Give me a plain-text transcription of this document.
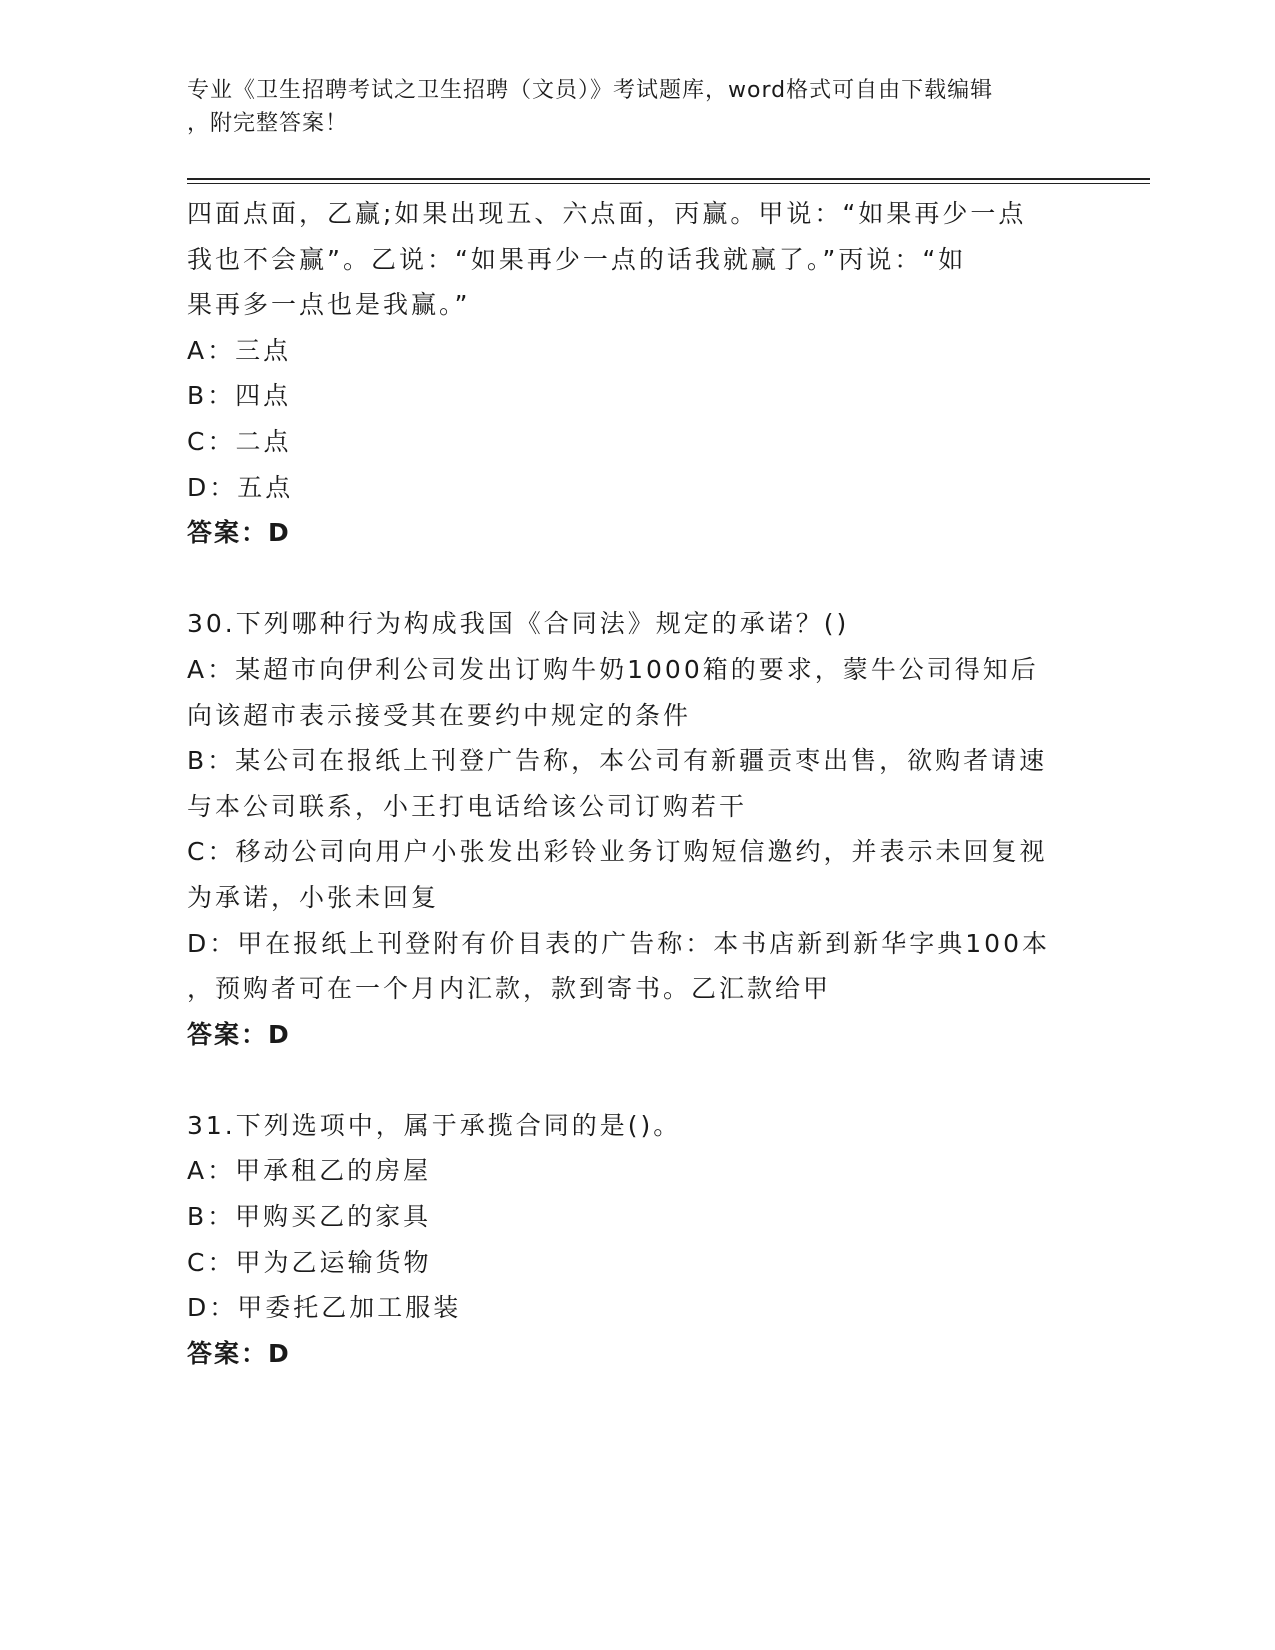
专业《卫生招聘考试之卫生招聘（文员）》考试题库，word格式可自由下载编辑
，附完整答案！
四面点面，乙赢;如果出现五、六点面，丙赢。甲说：“如果再少一点
我也不会赢”。乙说：“如果再少一点的话我就赢了。”丙说：“如
果再多一点也是我赢。”
A：三点
B：四点
C：二点
D：五点
答案：D
30.下列哪种行为构成我国《合同法》规定的承诺？()
A：某超市向伊利公司发出订购牛奶1000箱的要求，蒙牛公司得知后
向该超市表示接受其在要约中规定的条件
B：某公司在报纸上刊登广告称，本公司有新疆贡枣出售，欲购者请速
与本公司联系，小王打电话给该公司订购若干
C：移动公司向用户小张发出彩铃业务订购短信邀约，并表示未回复视
为承诺，小张未回复
D：甲在报纸上刊登附有价目表的广告称：本书店新到新华字典100本
，预购者可在一个月内汇款，款到寄书。乙汇款给甲
答案：D
31.下列选项中，属于承揽合同的是()。
A：甲承租乙的房屋
B：甲购买乙的家具
C：甲为乙运输货物
D：甲委托乙加工服装
答案：D
